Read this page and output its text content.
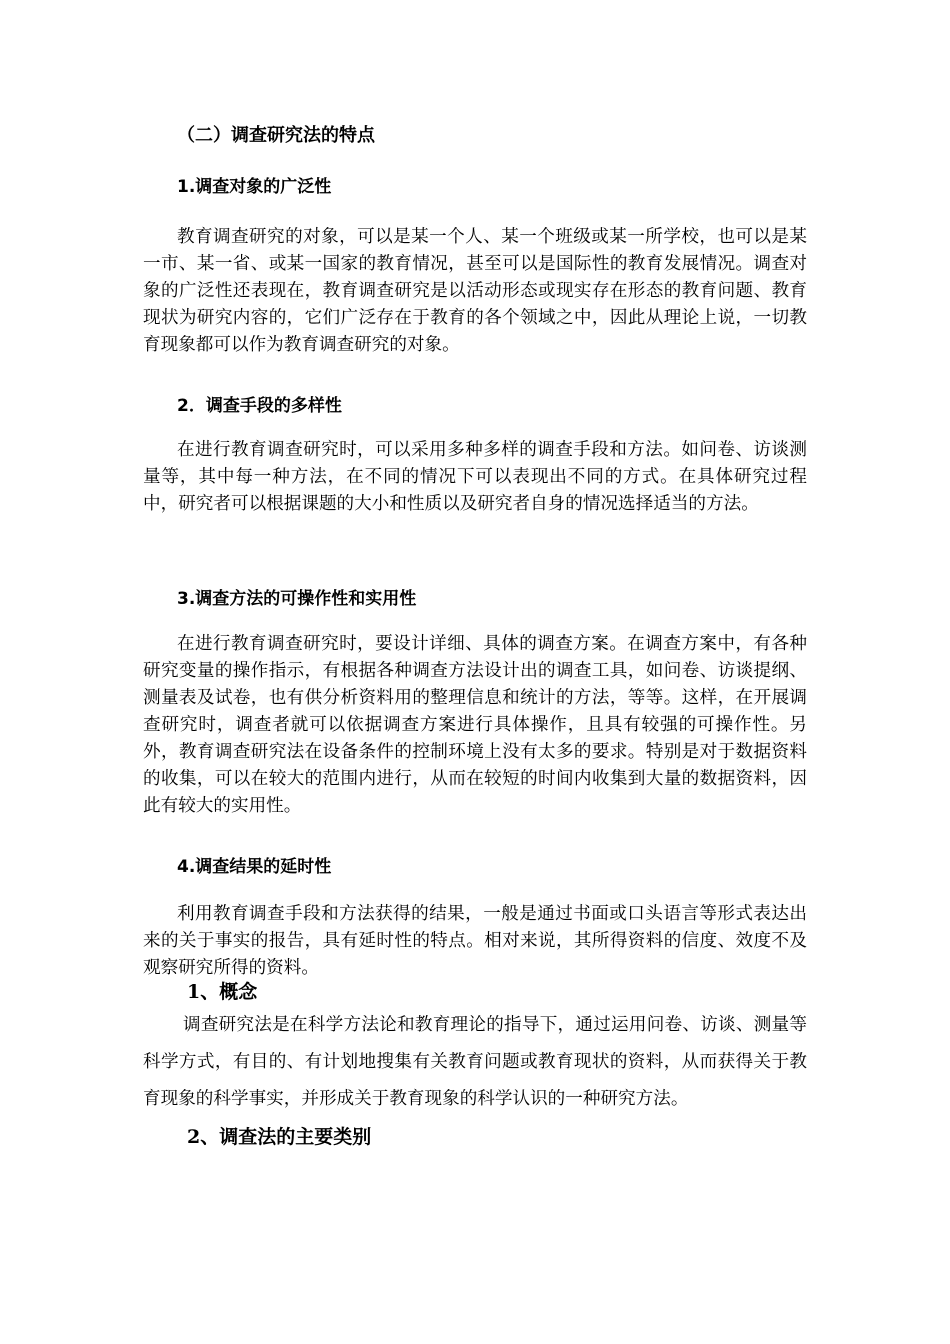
（二）调查研究法的特点
1.调查对象的广泛性

教育调查研究的对象，可以是某一个人、某一个班级或某一所学校，也可以是某一市、某一省、或某一国家的教育情况，甚至可以是国际性的教育发展情况。调查对象的广泛性还表现在，教育调查研究是以活动形态或现实存在形态的教育问题、教育现状为研究内容的，它们广泛存在于教育的各个领域之中，因此从理论上说，一切教育现象都可以作为教育调查研究的对象。

2．调查手段的多样性

在进行教育调查研究时，可以采用多种多样的调查手段和方法。如问卷、访谈测量等，其中每一种方法，在不同的情况下可以表现出不同的方式。在具体研究过程中，研究者可以根据课题的大小和性质以及研究者自身的情况选择适当的方法。

3.调查方法的可操作性和实用性

在进行教育调查研究时，要设计详细、具体的调查方案。在调查方案中，有各种研究变量的操作指示，有根据各种调查方法设计出的调查工具，如问卷、访谈提纲、测量表及试卷，也有供分析资料用的整理信息和统计的方法，等等。这样，在开展调查研究时，调查者就可以依据调查方案进行具体操作，且具有较强的可操作性。另外，教育调查研究法在设备条件的控制环境上没有太多的要求。特别是对于数据资料的收集，可以在较大的范围内进行，从而在较短的时间内收集到大量的数据资料，因此有较大的实用性。

4.调查结果的延时性

利用教育调查手段和方法获得的结果，一般是通过书面或口头语言等形式表达出来的关于事实的报告，具有延时性的特点。相对来说，其所得资料的信度、效度不及观察研究所得的资料。

1、概念

调查研究法是在科学方法论和教育理论的指导下，通过运用问卷、访谈、测量等科学方式，有目的、有计划地搜集有关教育问题或教育现状的资料，从而获得关于教育现象的科学事实，并形成关于教育现象的科学认识的一种研究方法。

2、调查法的主要类别
